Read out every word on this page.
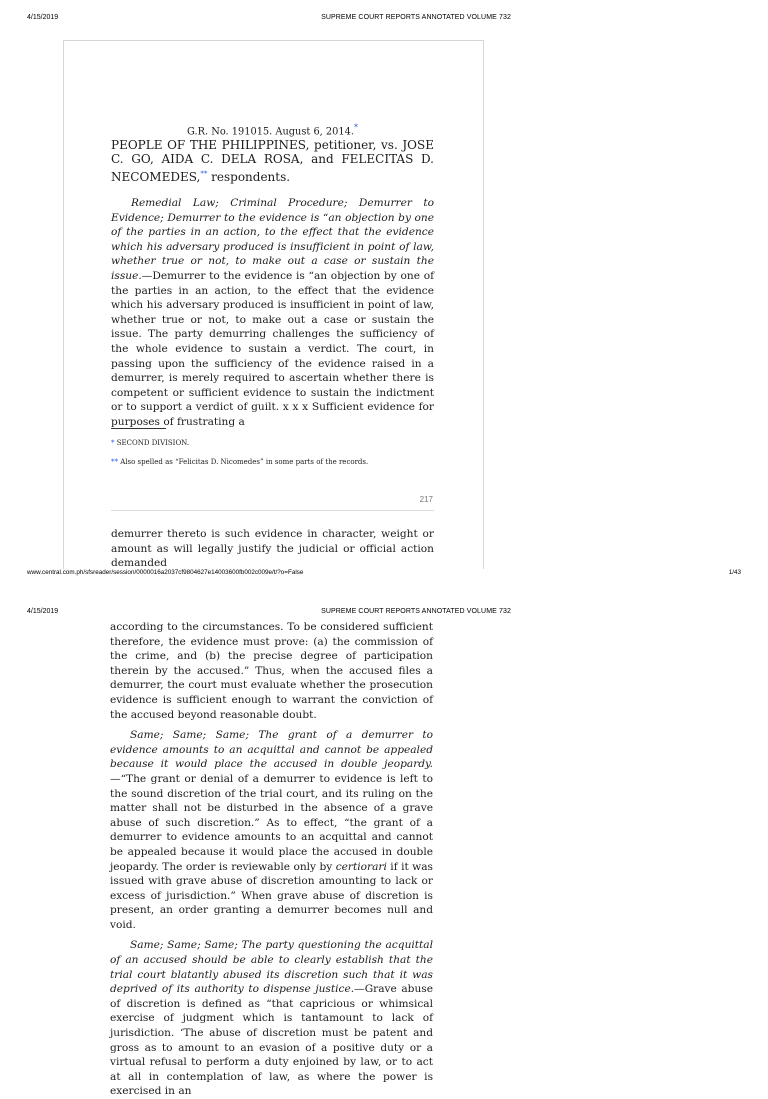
4/15/2019	SUPREME COURT REPORTS ANNOTATED VOLUME 732

G.R. No. 191015. August 6, 2014.*

PEOPLE OF THE PHILIPPINES, petitioner, vs. JOSE C. GO, AIDA C. DELA ROSA, and FELECITAS D. NECOMEDES,** respondents.

Remedial Law; Criminal Procedure; Demurrer to Evidence; Demurrer to the evidence is “an objection by one of the parties in an action, to the effect that the evidence which his adversary produced is insufficient in point of law, whether true or not, to make out a case or sustain the issue.—Demurrer to the evidence is “an objection by one of the parties in an action, to the effect that the evidence which his adversary produced is insufficient in point of law, whether true or not, to make out a case or sustain the issue. The party demurring challenges the sufficiency of the whole evidence to sustain a verdict. The court, in passing upon the sufficiency of the evidence raised in a demurrer, is merely required to ascertain whether there is competent or sufficient evidence to sustain the indictment or to support a verdict of guilt. x x x Sufficient evidence for purposes of frustrating a

* SECOND DIVISION.

** Also spelled as “Felicitas D. Nicomedes” in some parts of the records.

217

demurrer thereto is such evidence in character, weight or amount as will legally justify the judicial or official action demanded

www.central.com.ph/sfsreader/session/0000016a2037cf9804627e14003600fb002c009e/t/?o=False	1/43
4/15/2019	SUPREME COURT REPORTS ANNOTATED VOLUME 732

according to the circumstances. To be considered sufficient therefore, the evidence must prove: (a) the commission of the crime, and (b) the precise degree of participation therein by the accused.” Thus, when the accused files a demurrer, the court must evaluate whether the prosecution evidence is sufficient enough to warrant the conviction of the accused beyond reasonable doubt.

Same; Same; Same; The grant of a demurrer to evidence amounts to an acquittal and cannot be appealed because it would place the accused in double jeopardy.—“The grant or denial of a demurrer to evidence is left to the sound discretion of the trial court, and its ruling on the matter shall not be disturbed in the absence of a grave abuse of such discretion.” As to effect, “the grant of a demurrer to evidence amounts to an acquittal and cannot be appealed because it would place the accused in double jeopardy. The order is reviewable only by certiorari if it was issued with grave abuse of discretion amounting to lack or excess of jurisdiction.” When grave abuse of discretion is present, an order granting a demurrer becomes null and void.

Same; Same; Same; The party questioning the acquittal of an accused should be able to clearly establish that the trial court blatantly abused its discretion such that it was deprived of its authority to dispense justice.—Grave abuse of discretion is defined as “that capricious or whimsical exercise of judgment which is tantamount to lack of jurisdiction. ‘The abuse of discretion must be patent and gross as to amount to an evasion of a positive duty or a virtual refusal to perform a duty enjoined by law, or to act at all in contemplation of law, as where the power is exercised in an
